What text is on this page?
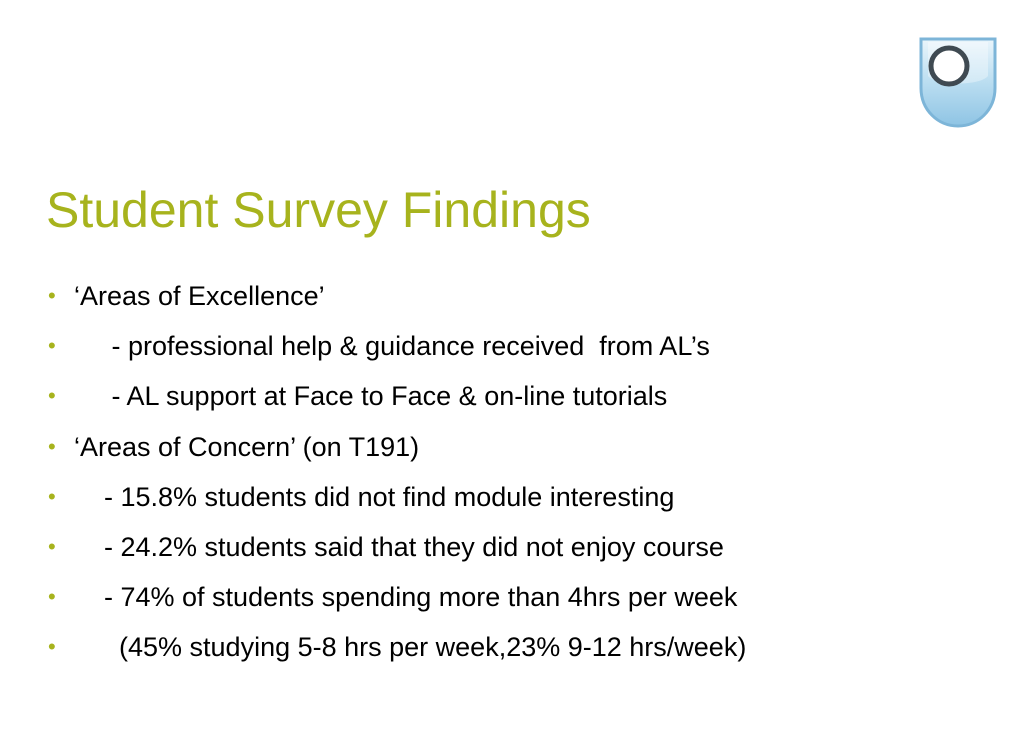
Student Survey Findings
• ‘Areas of Excellence’
• - professional help & guidance received  from AL’s
• - AL support at Face to Face & on-line tutorials
• ‘Areas of Concern’ (on T191)
• - 15.8% students did not find module interesting
• - 24.2% students said that they did not enjoy course
• - 74% of students spending more than 4hrs per week
• (45% studying 5-8 hrs per week,23% 9-12 hrs/week)
